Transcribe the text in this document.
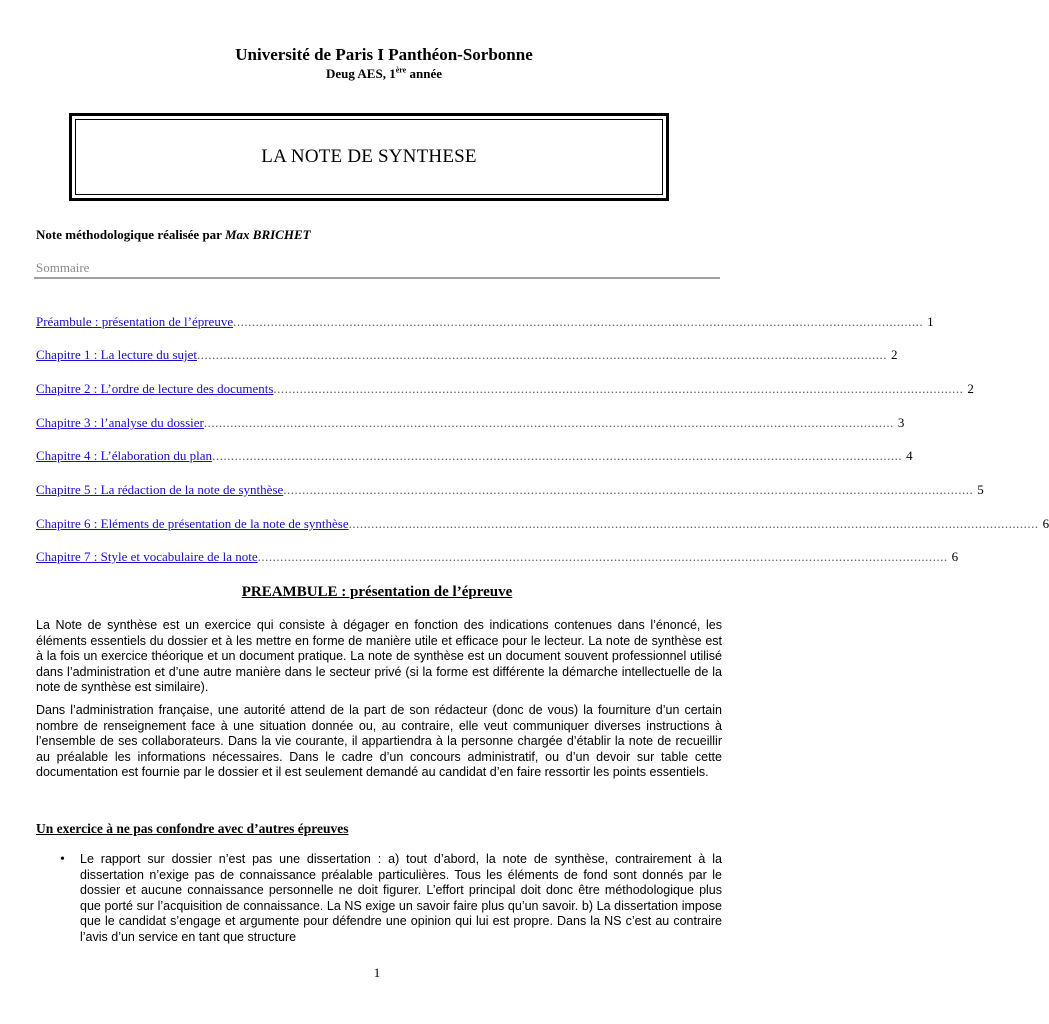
Université de Paris I Panthéon-Sorbonne
Deug AES, 1ère année
LA NOTE DE SYNTHESE
Note méthodologique réalisée par Max BRICHET
Sommaire
Préambule : présentation de l’épreuve ........................................................................................................................................................................................ 1
Chapitre 1 : La lecture du sujet ........................................................................................................................................................................................ 2
Chapitre 2 : L’ordre de lecture des documents ........................................................................................................................................................................................ 2
Chapitre 3 : l’analyse du dossier ........................................................................................................................................................................................ 3
Chapitre 4 : L’élaboration du plan ........................................................................................................................................................................................ 4
Chapitre 5 : La rédaction de la note de synthèse ........................................................................................................................................................................................ 5
Chapitre 6 : Eléments de présentation de la note de synthèse ........................................................................................................................................................................................ 6
Chapitre 7 : Style et vocabulaire de la note ........................................................................................................................................................................................ 6
PREAMBULE : présentation de l’épreuve
La Note de synthèse est un exercice qui consiste à dégager en fonction des indications contenues dans l’énoncé, les éléments essentiels du dossier et à les mettre en forme de manière utile et efficace pour le lecteur. La note de synthèse est à la fois un exercice théorique et un document pratique. La note de synthèse est un document souvent professionnel utilisé dans l’administration et d’une autre manière dans le secteur privé (si la forme est différente la démarche intellectuelle de la note de synthèse est similaire).
Dans l’administration française, une autorité attend de la part de son rédacteur (donc de vous) la fourniture d’un certain nombre de renseignement face à une situation donnée ou, au contraire, elle veut communiquer diverses instructions à l’ensemble de ses collaborateurs. Dans la vie courante, il appartiendra à la personne chargée d’établir la note de recueillir au préalable les informations nécessaires. Dans le cadre d’un concours administratif, ou d’un devoir sur table cette documentation est fournie par le dossier et il est seulement demandé au candidat d’en faire ressortir les points essentiels.
Un exercice à ne pas confondre avec d’autres épreuves
• Le rapport sur dossier n’est pas une dissertation : a) tout d’abord, la note de synthèse, contrairement à la dissertation n’exige pas de connaissance préalable particulières. Tous les éléments de fond sont donnés par le dossier et aucune connaissance personnelle ne doit figurer. L’effort principal doit donc être méthodologique plus que porté sur l’acquisition de connaissance. La NS exige un savoir faire plus qu’un savoir. b) La dissertation impose que le candidat s’engage et argumente pour défendre une opinion qui lui est propre. Dans la NS c’est au contraire l’avis d’un service en tant que structure
1
